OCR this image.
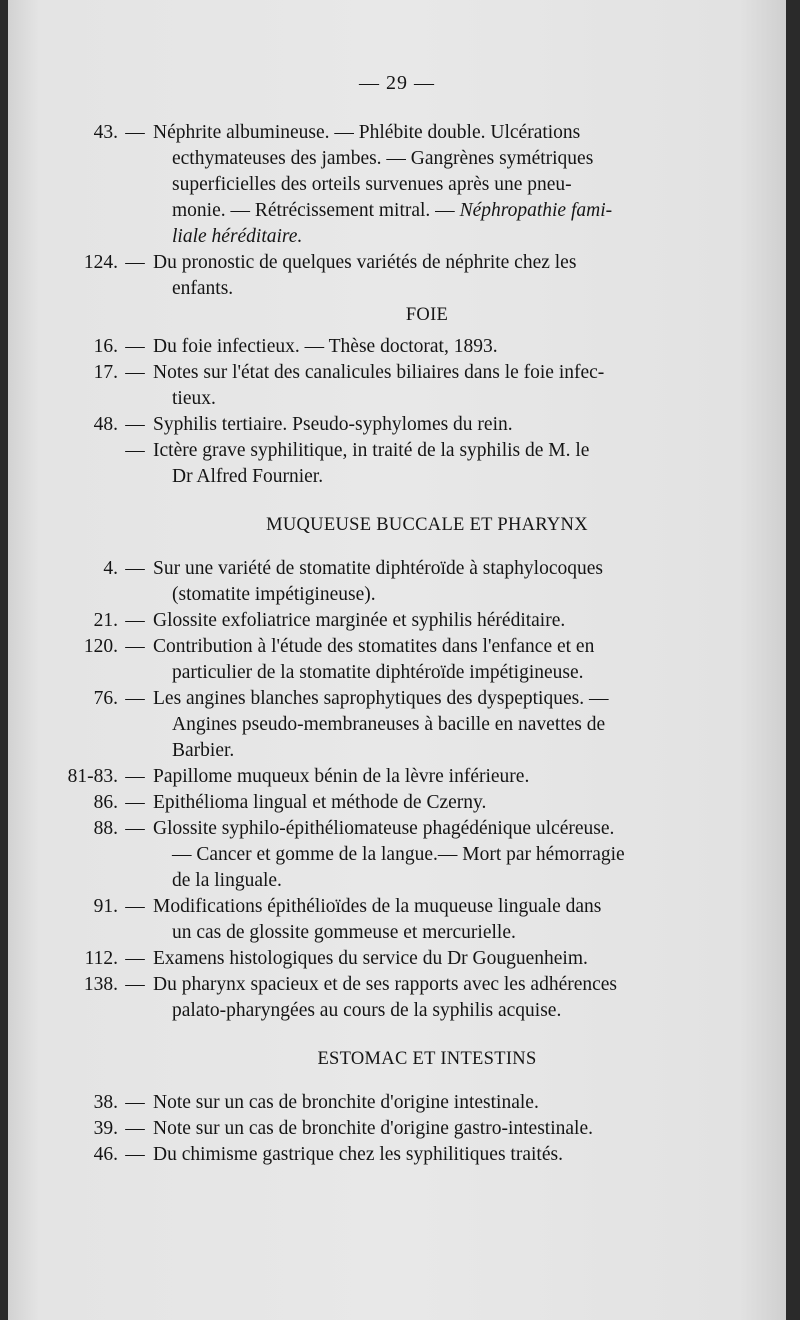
— 29 —
43. — Néphrite albumineuse. — Phlébite double. Ulcérations
ecthymateuses des jambes. — Gangrènes symétriques
superficielles des orteils survenues après une pneu-
monie. — Rétrécissement mitral. — Néphropathie fami-
liale héréditaire.
124. — Du pronostic de quelques variétés de néphrite chez les
enfants.
FOIE
16. — Du foie infectieux. — Thèse doctorat, 1893.
17. — Notes sur l'état des canalicules biliaires dans le foie infec-
tieux.
48. — Syphilis tertiaire. Pseudo-syphylomes du rein.
— Ictère grave syphilitique, in traité de la syphilis de M. le
Dr Alfred Fournier.
MUQUEUSE BUCCALE ET PHARYNX
4. — Sur une variété de stomatite diphtéroïde à staphylocoques
(stomatite impétigineuse).
21. — Glossite exfoliatrice marginée et syphilis héréditaire.
120. — Contribution à l'étude des stomatites dans l'enfance et en
particulier de la stomatite diphtéroïde impétigineuse.
76. — Les angines blanches saprophytiques des dyspeptiques. —
Angines pseudo-membraneuses à bacille en navettes de
Barbier.
81-83. — Papillome muqueux bénin de la lèvre inférieure.
86. — Epithélioma lingual et méthode de Czerny.
88. — Glossite syphilo-épithéliomateuse phagédénique ulcéreuse.
— Cancer et gomme de la langue.— Mort par hémorragie
de la linguale.
91. — Modifications épithélioïdes de la muqueuse linguale dans
un cas de glossite gommeuse et mercurielle.
112. — Examens histologiques du service du Dr Gouguenheim.
138. — Du pharynx spacieux et de ses rapports avec les adhérences
palato-pharyngées au cours de la syphilis acquise.
ESTOMAC ET INTESTINS
38. — Note sur un cas de bronchite d'origine intestinale.
39. — Note sur un cas de bronchite d'origine gastro-intestinale.
46. — Du chimisme gastrique chez les syphilitiques traités.
